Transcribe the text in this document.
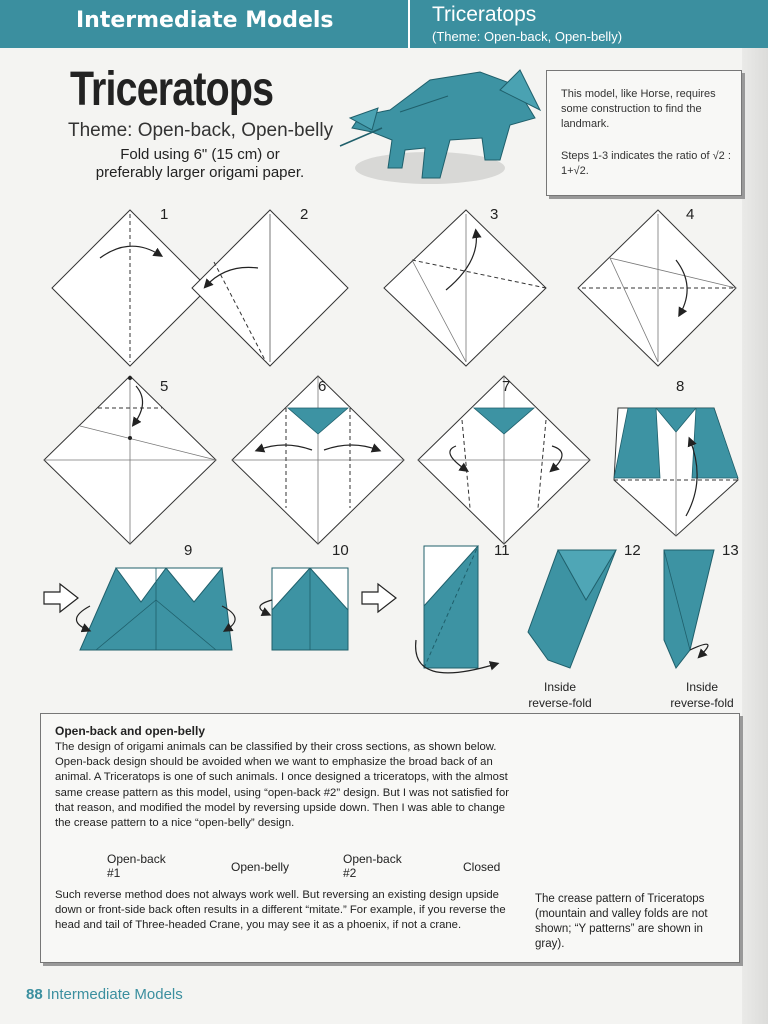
Intermediate Models	Triceratops
(Theme: Open-back, Open-belly)
Triceratops
Theme: Open-back, Open-belly
Fold using 6" (15 cm) or
preferably larger origami paper.

This model, like Horse, requires some construction to find the landmark.

Steps 1-3 indicates the ratio of √2 : 1+√2.

1	2	3	4
5	6	7	8
9	10	11	12	13
Inside
reverse-fold
Inside
reverse-fold
Open-back and open-belly
The design of origami animals can be classified by their cross sections, as shown below. Open-back design should be avoided when we want to emphasize the broad back of an animal. A Triceratops is one of such animals. I once designed a triceratops, with the almost same crease pattern as this model, using “open-back #2” design. But I was not satisfied for that reason, and modified the model by reversing upside down. Then I was able to change the crease pattern to a nice “open-belly” design.
Open-back
#1	Open-belly
Open-back
#2	Closed
Such reverse method does not always work well. But reversing an existing design upside down or front-side back often results in a different “mitate.” For example, if you reverse the head and tail of Three-headed Crane, you may see it as a phoenix, if not a crane.
The crease pattern of Triceratops (mountain and valley folds are not shown; “Y patterns” are shown in gray).
88 Intermediate Models
